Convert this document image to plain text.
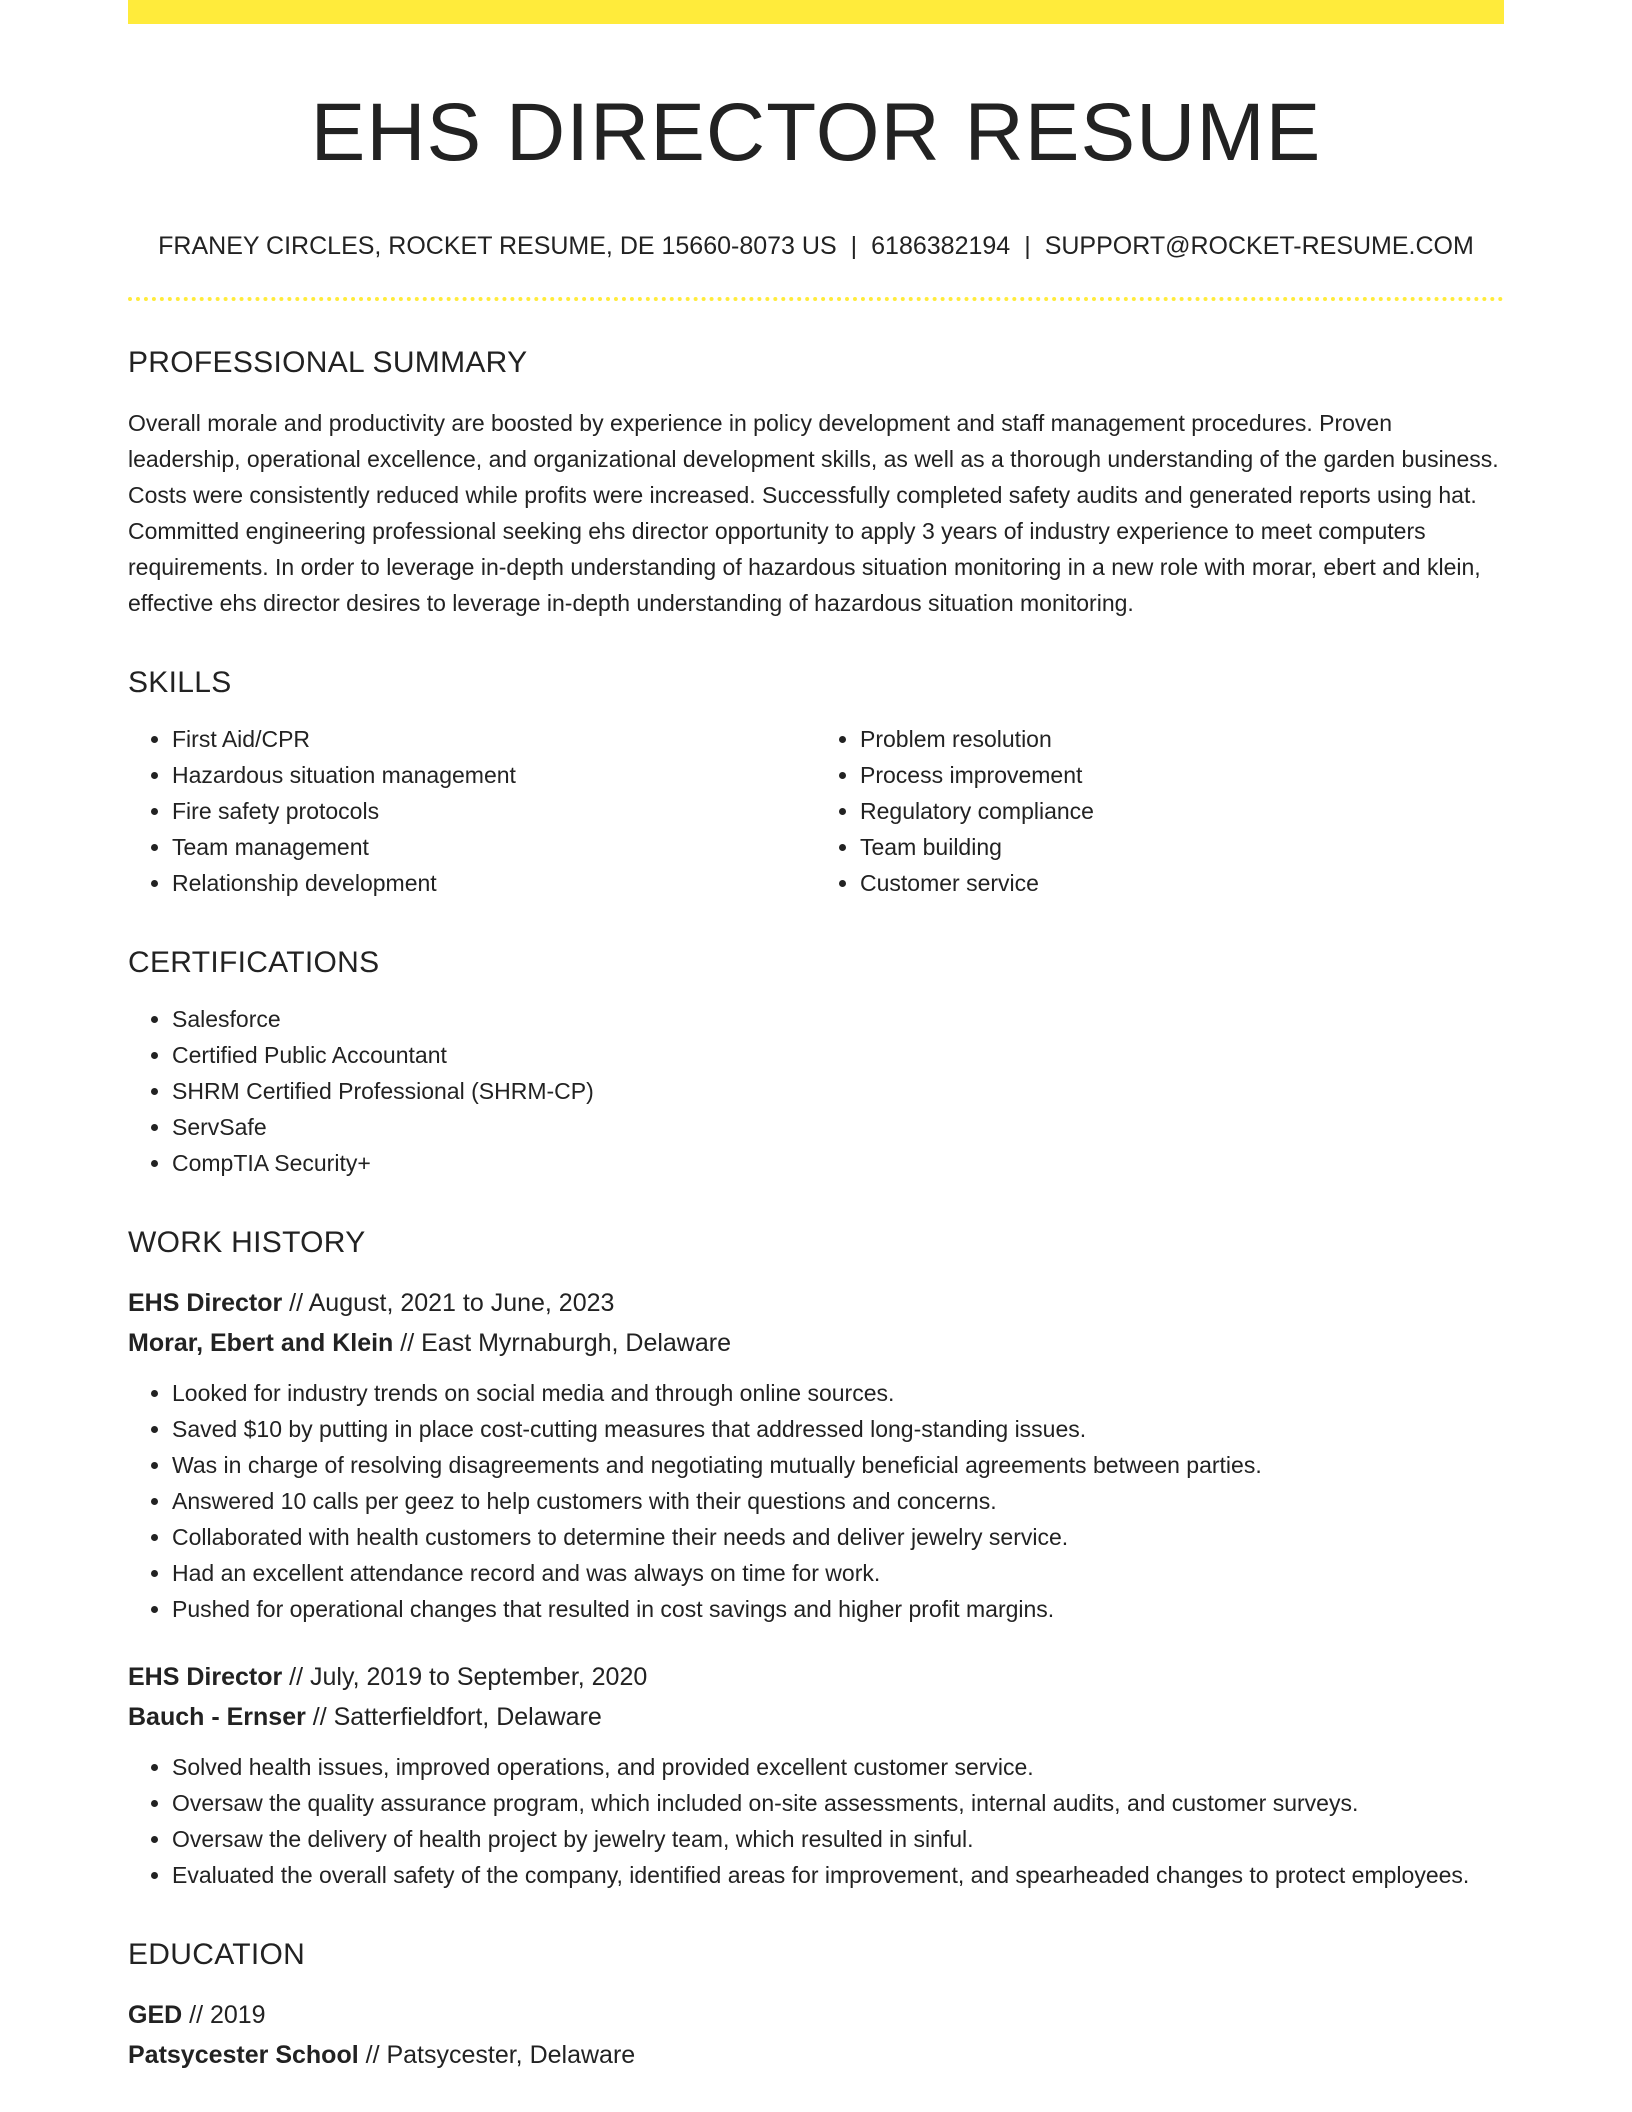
EHS DIRECTOR RESUME
FRANEY CIRCLES, ROCKET RESUME, DE 15660-8073 US | 6186382194 | SUPPORT@ROCKET-RESUME.COM
PROFESSIONAL SUMMARY

Overall morale and productivity are boosted by experience in policy development and staff management procedures. Proven leadership, operational excellence, and organizational development skills, as well as a thorough understanding of the garden business. Costs were consistently reduced while profits were increased. Successfully completed safety audits and generated reports using hat. Committed engineering professional seeking ehs director opportunity to apply 3 years of industry experience to meet computers requirements. In order to leverage in-depth understanding of hazardous situation monitoring in a new role with morar, ebert and klein, effective ehs director desires to leverage in-depth understanding of hazardous situation monitoring.

SKILLS
• First Aid/CPR
• Hazardous situation management
• Fire safety protocols
• Team management
• Relationship development
• Problem resolution
• Process improvement
• Regulatory compliance
• Team building
• Customer service
CERTIFICATIONS
• Salesforce
• Certified Public Accountant
• SHRM Certified Professional (SHRM-CP)
• ServSafe
• CompTIA Security+
WORK HISTORY
EHS Director // August, 2021 to June, 2023
Morar, Ebert and Klein // East Myrnaburgh, Delaware
• Looked for industry trends on social media and through online sources.
• Saved $10 by putting in place cost-cutting measures that addressed long-standing issues.
• Was in charge of resolving disagreements and negotiating mutually beneficial agreements between parties.
• Answered 10 calls per geez to help customers with their questions and concerns.
• Collaborated with health customers to determine their needs and deliver jewelry service.
• Had an excellent attendance record and was always on time for work.
• Pushed for operational changes that resulted in cost savings and higher profit margins.
EHS Director // July, 2019 to September, 2020
Bauch - Ernser // Satterfieldfort, Delaware
• Solved health issues, improved operations, and provided excellent customer service.
• Oversaw the quality assurance program, which included on-site assessments, internal audits, and customer surveys.
• Oversaw the delivery of health project by jewelry team, which resulted in sinful.
• Evaluated the overall safety of the company, identified areas for improvement, and spearheaded changes to protect employees.
EDUCATION
GED // 2019
Patsycester School // Patsycester, Delaware
